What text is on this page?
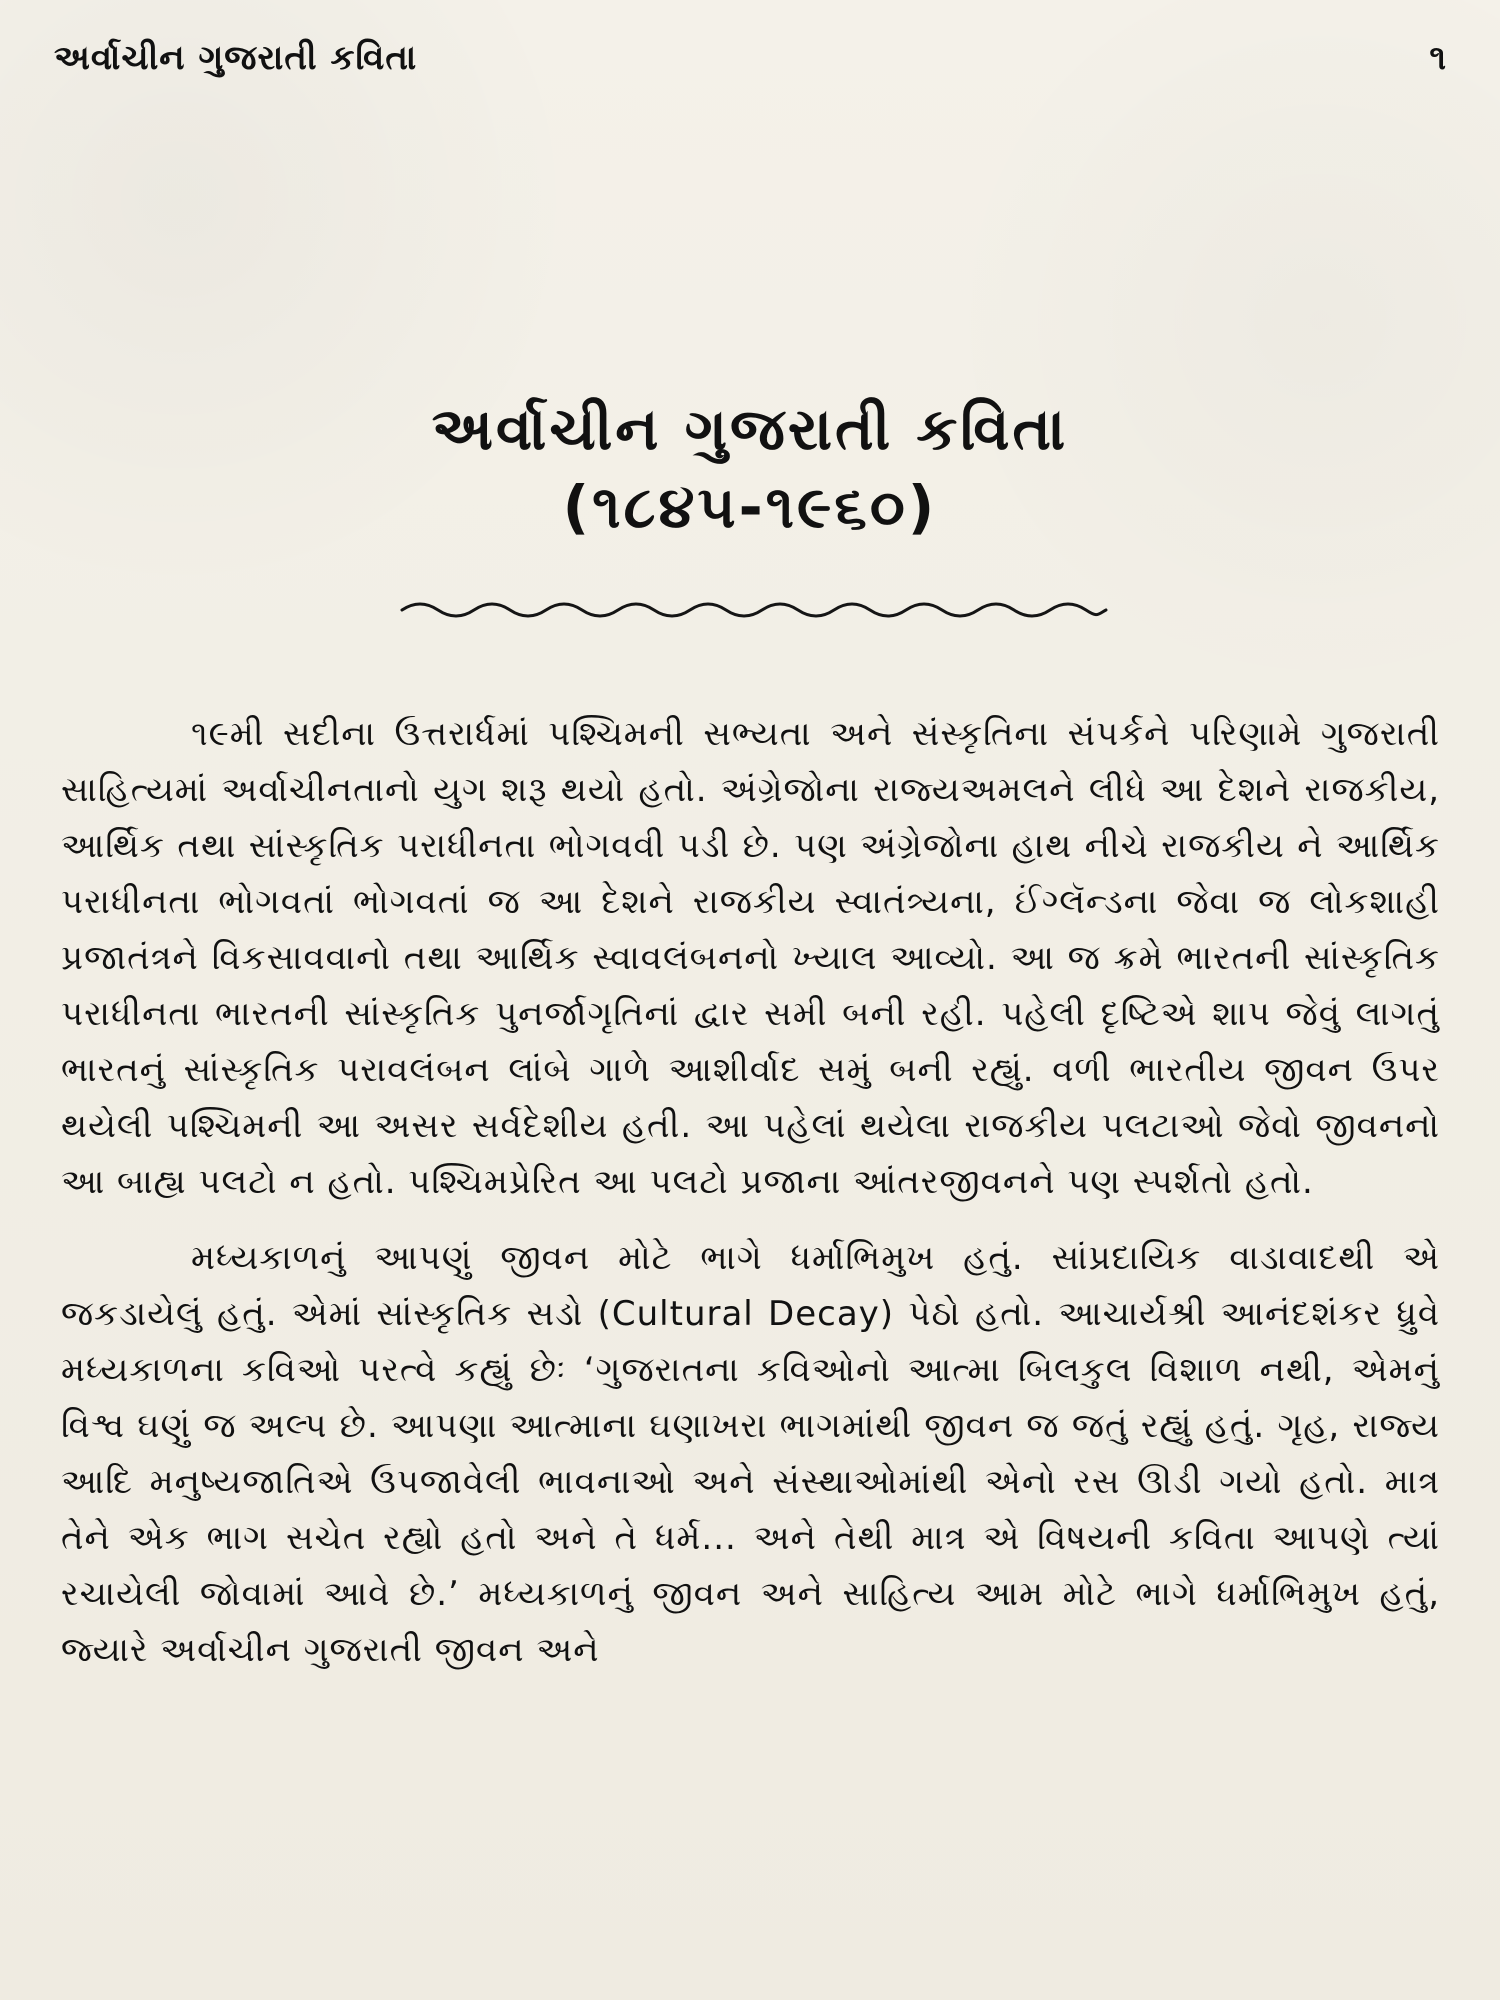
અર્વાચીન ગુજરાતી કવિતા	૧
અર્વાચીન ગુજરાતી કવિતા
(૧૮૪૫-૧૯૬૦)

૧૯મી સદીના ઉત્તરાર્ધમાં પશ્ચિમની સભ્યતા અને સંસ્કૃતિના સંપર્કને પરિણામે ગુજરાતી સાહિત્યમાં અર્વાચીનતાનો યુગ શરૂ થયો હતો. અંગ્રેજોના રાજ્યઅમલને લીધે આ દેશને રાજકીય, આર્થિક તથા સાંસ્કૃતિક પરાધીનતા ભોગવવી પડી છે. પણ અંગ્રેજોના હાથ નીચે રાજકીય ને આર્થિક પરાધીનતા ભોગવતાં ભોગવતાં જ આ દેશને રાજકીય સ્વાતંત્ર્યના, ઈંગ્લૅન્ડના જેવા જ લોકશાહી પ્રજાતંત્રને વિકસાવવાનો તથા આર્થિક સ્વાવલંબનનો ખ્યાલ આવ્યો. આ જ ક્રમે ભારતની સાંસ્કૃતિક પરાધીનતા ભારતની સાંસ્કૃતિક પુનર્જાગૃતિનાં દ્વાર સમી બની રહી. પહેલી દૃષ્ટિએ શાપ જેવું લાગતું ભારતનું સાંસ્કૃતિક પરાવલંબન લાંબે ગાળે આશીર્વાદ સમું બની રહ્યું. વળી ભારતીય જીવન ઉપર થયેલી પશ્ચિમની આ અસર સર્વદેશીય હતી. આ પહેલાં થયેલા રાજકીય પલટાઓ જેવો જીવનનો આ બાહ્ય પલટો ન હતો. પશ્ચિમપ્રેરિત આ પલટો પ્રજાના આંતરજીવનને પણ સ્પર્શતો હતો.

મધ્યકાળનું આપણું જીવન મોટે ભાગે ધર્માભિમુખ હતું. સાંપ્રદાયિક વાડાવાદથી એ જકડાયેલું હતું. એમાં સાંસ્કૃતિક સડો (Cultural Decay) પેઠો હતો. આચાર્યશ્રી આનંદશંકર ધ્રુવે મધ્યકાળના કવિઓ પરત્વે કહ્યું છેઃ ‘ગુજરાતના કવિઓનો આત્મા બિલકુલ વિશાળ નથી, એમનું વિશ્વ ઘણું જ અલ્પ છે. આપણા આત્માના ઘણાખરા ભાગમાંથી જીવન જ જતું રહ્યું હતું. ગૃહ, રાજ્ય આદિ મનુષ્યજાતિએ ઉપજાવેલી ભાવનાઓ અને સંસ્થાઓમાંથી એનો રસ ઊડી ગયો હતો. માત્ર તેને એક ભાગ સચેત રહ્યો હતો અને તે ધર્મ... અને તેથી માત્ર એ વિષયની કવિતા આપણે ત્યાં રચાયેલી જોવામાં આવે છે.’ મધ્યકાળનું જીવન અને સાહિત્ય આમ મોટે ભાગે ધર્માભિમુખ હતું, જ્યારે અર્વાચીન ગુજરાતી જીવન અને
